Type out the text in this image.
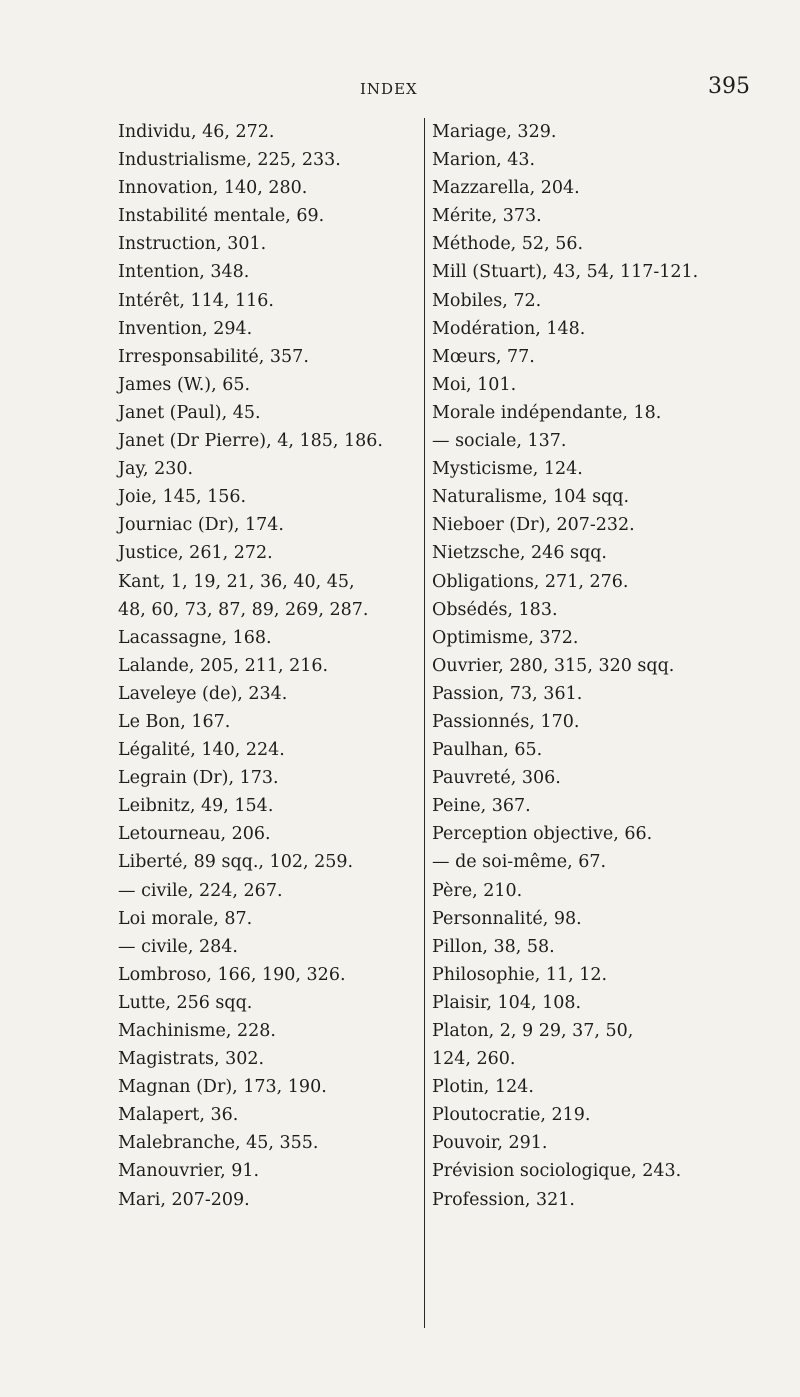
INDEX	395
Individu, 46, 272.
Industrialisme, 225, 233.
Innovation, 140, 280.
Instabilité mentale, 69.
Instruction, 301.
Intention, 348.
Intérêt, 114, 116.
Invention, 294.
Irresponsabilité, 357.
James (W.), 65.
Janet (Paul), 45.
Janet (Dr Pierre), 4, 185, 186.
Jay, 230.
Joie, 145, 156.
Journiac (Dr), 174.
Justice, 261, 272.
Kant, 1, 19, 21, 36, 40, 45,
48, 60, 73, 87, 89, 269, 287.
Lacassagne, 168.
Lalande, 205, 211, 216.
Laveleye (de), 234.
Le Bon, 167.
Légalité, 140, 224.
Legrain (Dr), 173.
Leibnitz, 49, 154.
Letourneau, 206.
Liberté, 89 sqq., 102, 259.
— civile, 224, 267.
Loi morale, 87.
— civile, 284.
Lombroso, 166, 190, 326.
Lutte, 256 sqq.
Machinisme, 228.
Magistrats, 302.
Magnan (Dr), 173, 190.
Malapert, 36.
Malebranche, 45, 355.
Manouvrier, 91.
Mari, 207-209.
Mariage, 329.
Marion, 43.
Mazzarella, 204.
Mérite, 373.
Méthode, 52, 56.
Mill (Stuart), 43, 54, 117-121.
Mobiles, 72.
Modération, 148.
Mœurs, 77.
Moi, 101.
Morale indépendante, 18.
— sociale, 137.
Mysticisme, 124.
Naturalisme, 104 sqq.
Nieboer (Dr), 207-232.
Nietzsche, 246 sqq.
Obligations, 271, 276.
Obsédés, 183.
Optimisme, 372.
Ouvrier, 280, 315, 320 sqq.
Passion, 73, 361.
Passionnés, 170.
Paulhan, 65.
Pauvreté, 306.
Peine, 367.
Perception objective, 66.
— de soi-même, 67.
Père, 210.
Personnalité, 98.
Pillon, 38, 58.
Philosophie, 11, 12.
Plaisir, 104, 108.
Platon, 2, 9 29, 37, 50,
124, 260.
Plotin, 124.
Ploutocratie, 219.
Pouvoir, 291.
Prévision sociologique, 243.
Profession, 321.
